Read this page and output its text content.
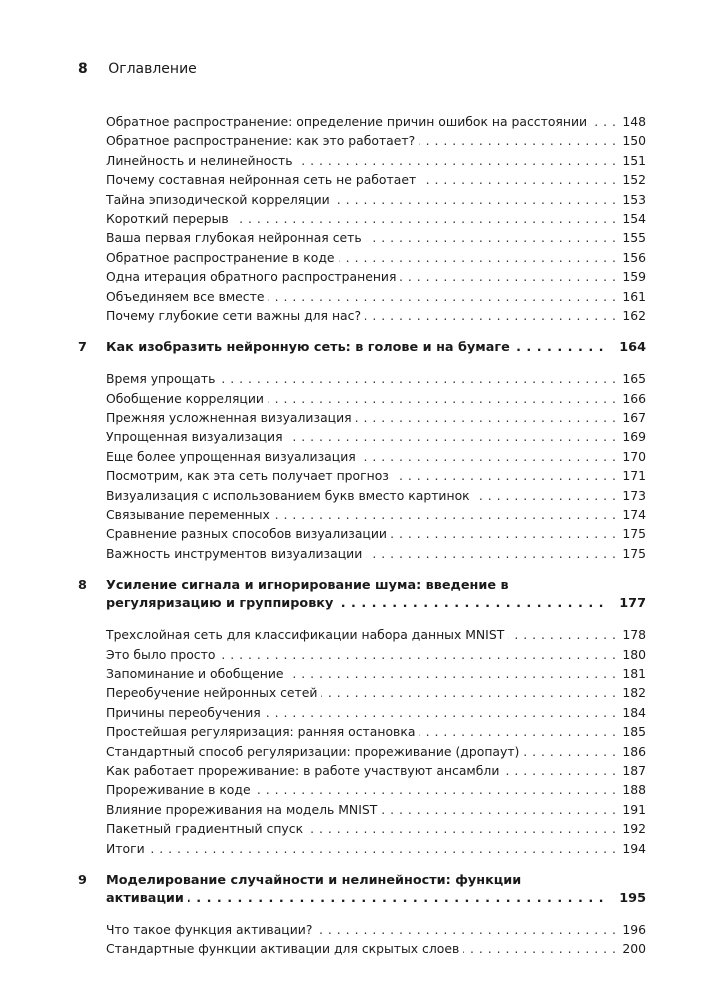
8 Оглавление
Обратное распространение: определение причин ошибок на расстоянии	148
. . .
Обратное распространение: как это работает?	150
. . .
Линейность и нелинейность	151
. . .
Почему составная нейронная сеть не работает	152
. . .
Тайна эпизодической корреляции	153
. . .
Короткий перерыв	154
. . .
Ваша первая глубокая нейронная сеть	155
. . .
Обратное распространение в коде	156
. . .
Одна итерация обратного распространения	159
. . .
Объединяем все вместе	161
. . .
Почему глубокие сети важны для нас?	162
. . .
7	Как изобразить нейронную сеть: в голове и на бумаге . . .	164
Время упрощать	165
. . .
Обобщение корреляции	166
. . .
Прежняя усложненная визуализация	167
. . .
Упрощенная визуализация	169
. . .
Еще более упрощенная визуализация	170
. . .
Посмотрим, как эта сеть получает прогноз	171
. . .
Визуализация с использованием букв вместо картинок	173
. . .
Связывание переменных	174
. . .
Сравнение разных способов визуализации	175
. . .
Важность инструментов визуализации	175
. . .
8	Усиление сигнала и игнорирование шума: введение в регуляризацию и группировку . . .	177
Трехслойная сеть для классификации набора данных MNIST	178
. . .
Это было просто	180
. . .
Запоминание и обобщение	181
. . .
Переобучение нейронных сетей	182
. . .
Причины переобучения	184
. . .
Простейшая регуляризация: ранняя остановка	185
. . .
Стандартный способ регуляризации: прореживание (дропаут)	186
. . .
Как работает прореживание: в работе участвуют ансамбли	187
. . .
Прореживание в коде	188
. . .
Влияние прореживания на модель MNIST	191
. . .
Пакетный градиентный спуск	192
. . .
Итоги	194
. . .
9	Моделирование случайности и нелинейности: функции активации . . .	195
Что такое функция активации?	196
. . .
Стандартные функции активации для скрытых слоев	200
. . .
